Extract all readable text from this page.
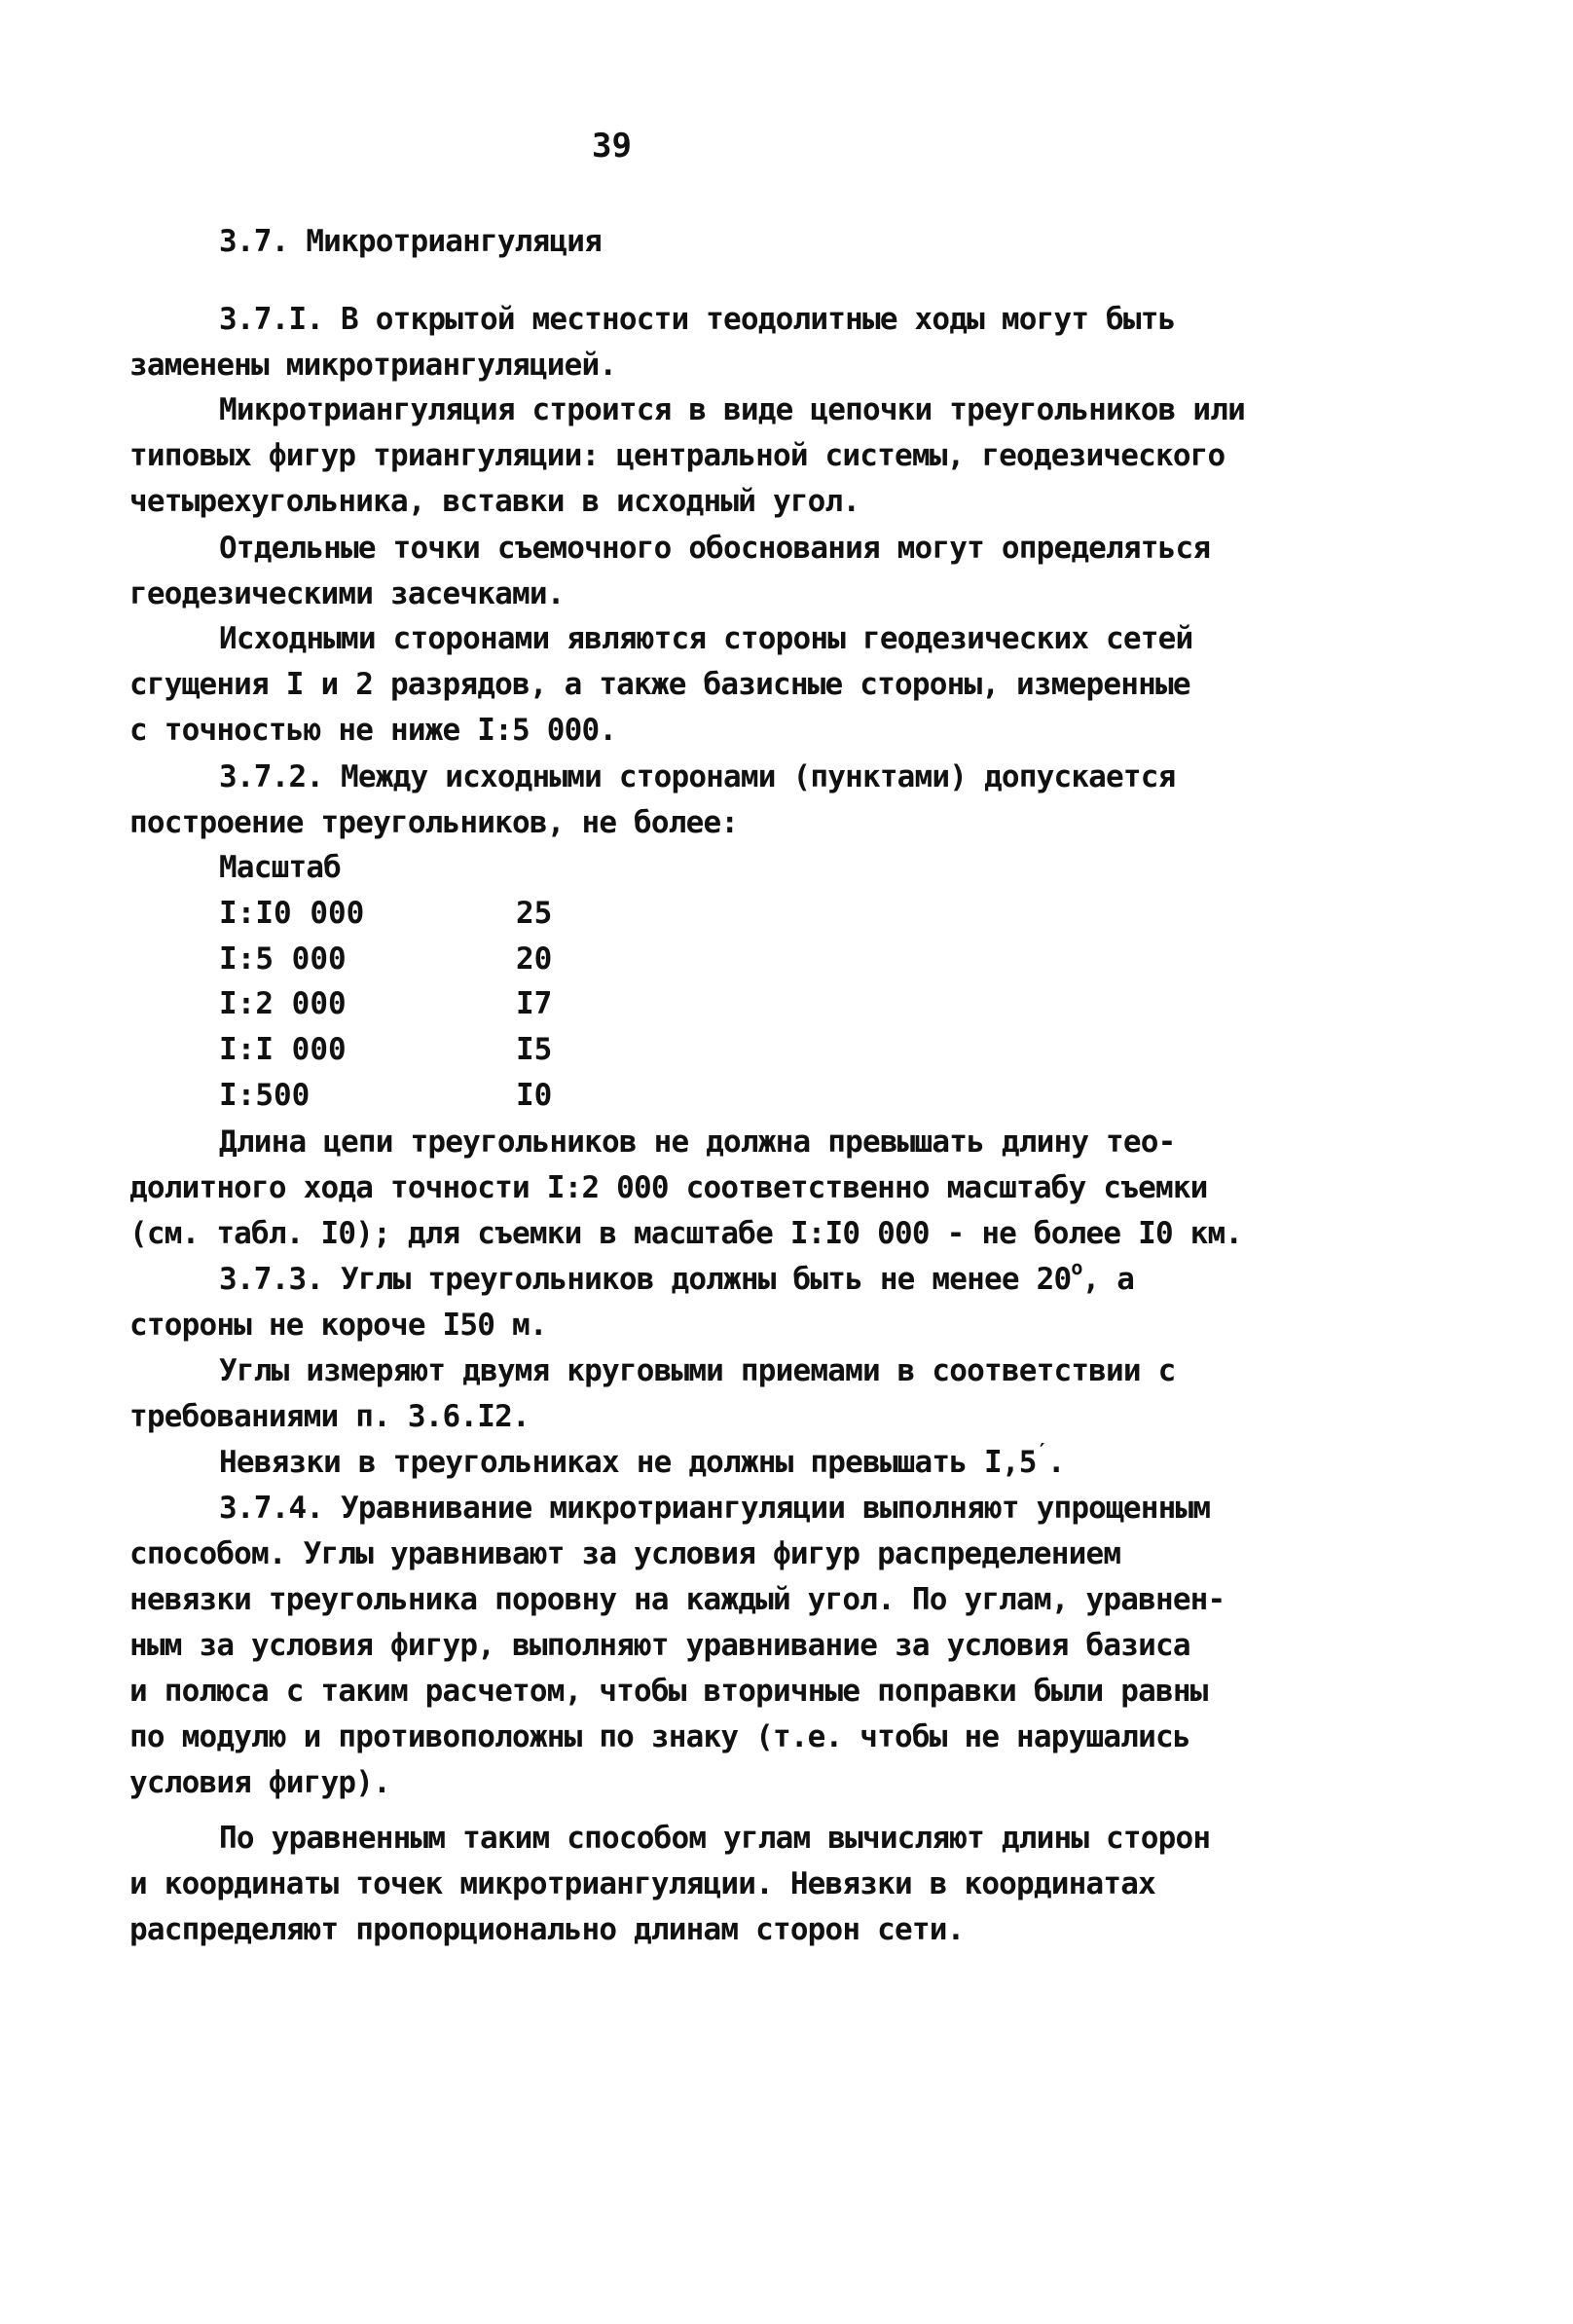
39
3.7. Микротриангуляция
3.7.I. В открытой местности теодолитные ходы могут быть
заменены микротриангуляцией.
Микротриангуляция строится в виде цепочки треугольников или
типовых фигур триангуляции: центральной системы, геодезического
четырехугольника, вставки в исходный угол.
Отдельные точки съемочного обоснования могут определяться
геодезическими засечками.
Исходными сторонами являются стороны геодезических сетей
сгущения I и 2 разрядов, а также базисные стороны, измеренные
с точностью не ниже I:5 000.
3.7.2. Между исходными сторонами (пунктами) допускается
построение треугольников, не более:
Масштаб
I:I0 000	25
I:5 000	20
I:2 000	I7
I:I 000	I5
I:500	I0
Длина цепи треугольников не должна превышать длину тео-
долитного хода точности I:2 000 соответственно масштабу съемки
(см. табл. I0); для съемки в масштабе I:I0 000 - не более I0 км.
3.7.3. Углы треугольников должны быть не менее $20^о$, а
стороны не короче I50 м.
Углы измеряют двумя круговыми приемами в соответствии с
требованиями п. 3.6.I2.
Невязки в треугольниках не должны превышать I,5′.
3.7.4. Уравнивание микротриангуляции выполняют упрощенным
способом. Углы уравнивают за условия фигур распределением
невязки треугольника поровну на каждый угол. По углам, уравнен-
ным за условия фигур, выполняют уравнивание за условия базиса
и полюса с таким расчетом, чтобы вторичные поправки были равны
по модулю и противоположны по знаку (т.е. чтобы не нарушались
условия фигур).
По уравненным таким способом углам вычисляют длины сторон
и координаты точек микротриангуляции. Невязки в координатах
распределяют пропорционально длинам сторон сети.
